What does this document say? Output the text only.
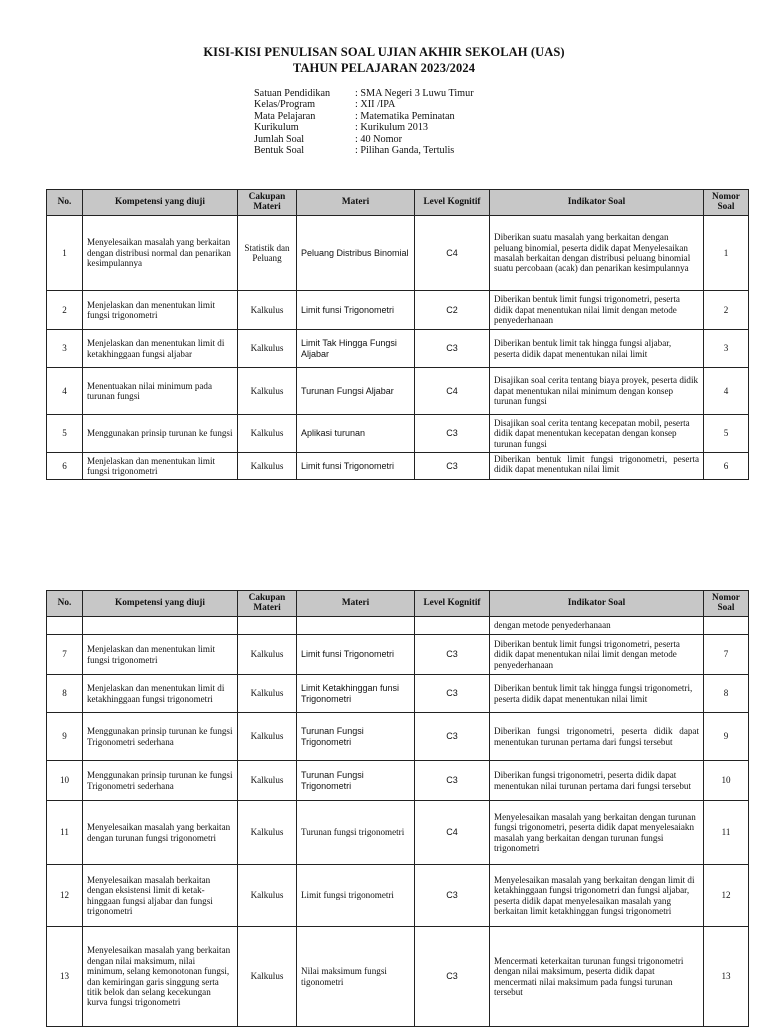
KISI-KISI PENULISAN SOAL UJIAN AKHIR SEKOLAH (UAS)
TAHUN PELAJARAN 2023/2024
Satuan Pendidikan	: SMA Negeri 3 Luwu Timur
Kelas/Program	: XII /IPA
Mata Pelajaran	: Matematika Peminatan
Kurikulum	: Kurikulum 2013
Jumlah Soal	: 40 Nomor
Bentuk Soal	: Pilihan Ganda, Tertulis
No.	Kompetensi yang diuji	Cakupan Materi	Materi	Level Kognitif	Indikator Soal	Nomor Soal
1	Menyelesaikan masalah yang berkaitan dengan distribusi normal dan penarikan kesimpulannya	Statistik dan Peluang	Peluang Distribus Binomial	C4	Diberikan suatu masalah yang berkaitan dengan peluang binomial, peserta didik dapat Menyelesaikan masalah berkaitan dengan distribusi peluang binomial suatu percobaan (acak) dan penarikan kesimpulannya	1
2	Menjelaskan dan menentukan limit fungsi trigonometri	Kalkulus	Limit funsi Trigonometri	C2	Diberikan bentuk limit fungsi trigonometri, peserta didik dapat menentukan nilai limit dengan metode penyederhanaan	2
3	Menjelaskan dan menentukan limit di ketakhinggaan fungsi aljabar	Kalkulus	Limit Tak Hingga Fungsi Aljabar	C3	Diberikan bentuk limit tak hingga fungsi aljabar, peserta didik dapat menentukan nilai limit	3
4	Menentuakan nilai minimum pada turunan fungsi	Kalkulus	Turunan Fungsi Aljabar	C4	Disajikan soal cerita tentang biaya proyek, peserta didik dapat menentukan nilai minimum dengan konsep turunan fungsi	4
5	Menggunakan prinsip turunan ke fungsi	Kalkulus	Aplikasi turunan	C3	Disajikan soal cerita tentang kecepatan mobil, peserta didik dapat menentukan kecepatan dengan konsep turunan fungsi	5
6	Menjelaskan dan menentukan limit fungsi trigonometri	Kalkulus	Limit funsi Trigonometri	C3	Diberikan bentuk limit fungsi trigonometri, peserta didik dapat menentukan nilai limit	6
No.	Kompetensi yang diuji	Cakupan Materi	Materi	Level Kognitif	Indikator Soal	Nomor Soal
					dengan metode penyederhanaan	
7	Menjelaskan dan menentukan limit fungsi trigonometri	Kalkulus	Limit funsi Trigonometri	C3	Diberikan bentuk limit fungsi trigonometri, peserta didik dapat menentukan nilai limit dengan metode penyederhanaan	7
8	Menjelaskan dan menentukan limit di ketakhinggaan fungsi trigonometri	Kalkulus	Limit Ketakhinggan funsi Trigonometri	C3	Diberikan bentuk limit tak hingga fungsi trigonometri, peserta didik dapat menentukan nilai limit	8
9	Menggunakan prinsip turunan ke fungsi Trigonometri sederhana	Kalkulus	Turunan Fungsi Trigonometri	C3	Diberikan fungsi trigonometri, peserta didik dapat menentukan turunan pertama dari fungsi tersebut	9
10	Menggunakan prinsip turunan ke fungsi Trigonometri sederhana	Kalkulus	Turunan Fungsi Trigonometri	C3	Diberikan fungsi trigonometri, peserta didik dapat menentukan nilai turunan pertama dari fungsi tersebut	10
11	Menyelesaikan masalah yang berkaitan dengan turunan fungsi trigonometri	Kalkulus	Turunan fungsi trigonometri	C4	Menyelesaikan masalah yang berkaitan dengan turunan fungsi trigonometri, peserta didik dapat menyelesaiakn masalah yang berkaitan dengan turunan fungsi trigonometri	11
12	Menyelesaikan masalah berkaitan dengan eksistensi limit di ketak-hinggaan fungsi aljabar dan fungsi trigonometri	Kalkulus	Limit fungsi trigonometri	C3	Menyelesaikan masalah yang berkaitan dengan limit di ketakhinggaan fungsi trigonometri dan fungsi aljabar, peserta didik dapat menyelesaikan masalah yang berkaitan limit ketakhinggan fungsi trigonometri	12
13	Menyelesaikan masalah yang berkaitan dengan nilai maksimum, nilai minimum, selang kemonotonan fungsi, dan kemiringan garis singgung serta titik belok dan selang kecekungan kurva fungsi trigonometri	Kalkulus	Nilai maksimum fungsi tigonometri	C3	Mencermati keterkaitan turunan fungsi trigonometri dengan nilai maksimum, peserta didik dapat mencermati nilai maksimum pada fungsi turunan tersebut	13
